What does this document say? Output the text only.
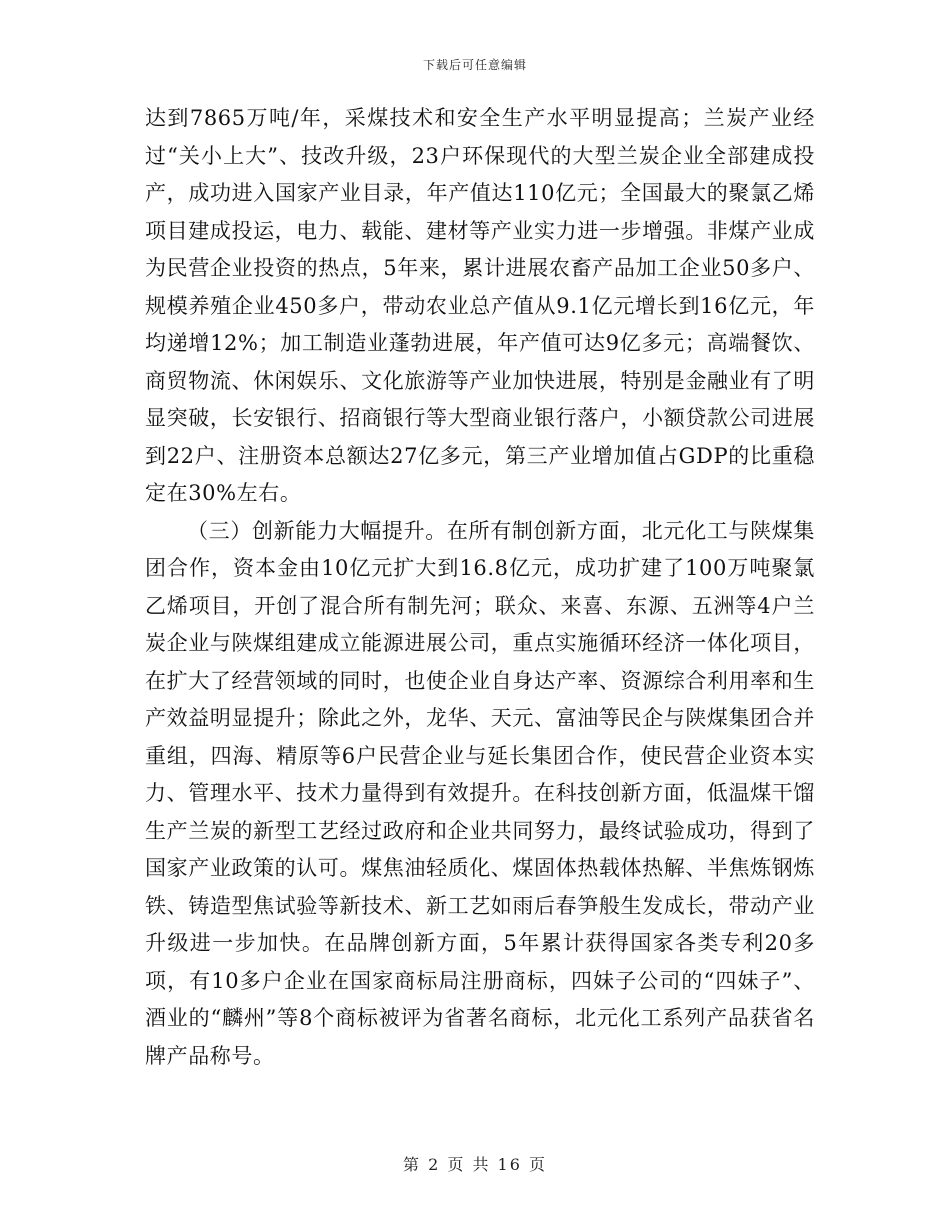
下载后可任意编辑

达到7865万吨/年，采煤技术和安全生产水平明显提高；兰炭产业经过“关小上大”、技改升级，23户环保现代的大型兰炭企业全部建成投产，成功进入国家产业目录，年产值达110亿元；全国最大的聚氯乙烯项目建成投运，电力、载能、建材等产业实力进一步增强。非煤产业成为民营企业投资的热点，5年来，累计进展农畜产品加工企业50多户、规模养殖企业450多户，带动农业总产值从9.1亿元增长到16亿元，年均递增12%；加工制造业蓬勃进展，年产值可达9亿多元；高端餐饮、商贸物流、休闲娱乐、文化旅游等产业加快进展，特别是金融业有了明显突破，长安银行、招商银行等大型商业银行落户，小额贷款公司进展到22户、注册资本总额达27亿多元，第三产业增加值占GDP的比重稳定在30%左右。

（三）创新能力大幅提升。在所有制创新方面，北元化工与陕煤集团合作，资本金由10亿元扩大到16.8亿元，成功扩建了100万吨聚氯乙烯项目，开创了混合所有制先河；联众、来喜、东源、五洲等4户兰炭企业与陕煤组建成立能源进展公司，重点实施循环经济一体化项目，在扩大了经营领域的同时，也使企业自身达产率、资源综合利用率和生产效益明显提升；除此之外，龙华、天元、富油等民企与陕煤集团合并重组，四海、精原等6户民营企业与延长集团合作，使民营企业资本实力、管理水平、技术力量得到有效提升。在科技创新方面，低温煤干馏生产兰炭的新型工艺经过政府和企业共同努力，最终试验成功，得到了国家产业政策的认可。煤焦油轻质化、煤固体热载体热解、半焦炼钢炼铁、铸造型焦试验等新技术、新工艺如雨后春笋般生发成长，带动产业升级进一步加快。在品牌创新方面，5年累计获得国家各类专利20多项，有10多户企业在国家商标局注册商标，四妹子公司的“四妹子”、酒业的“麟州”等8个商标被评为省著名商标，北元化工系列产品获省名牌产品称号。

第 2 页 共 16 页
